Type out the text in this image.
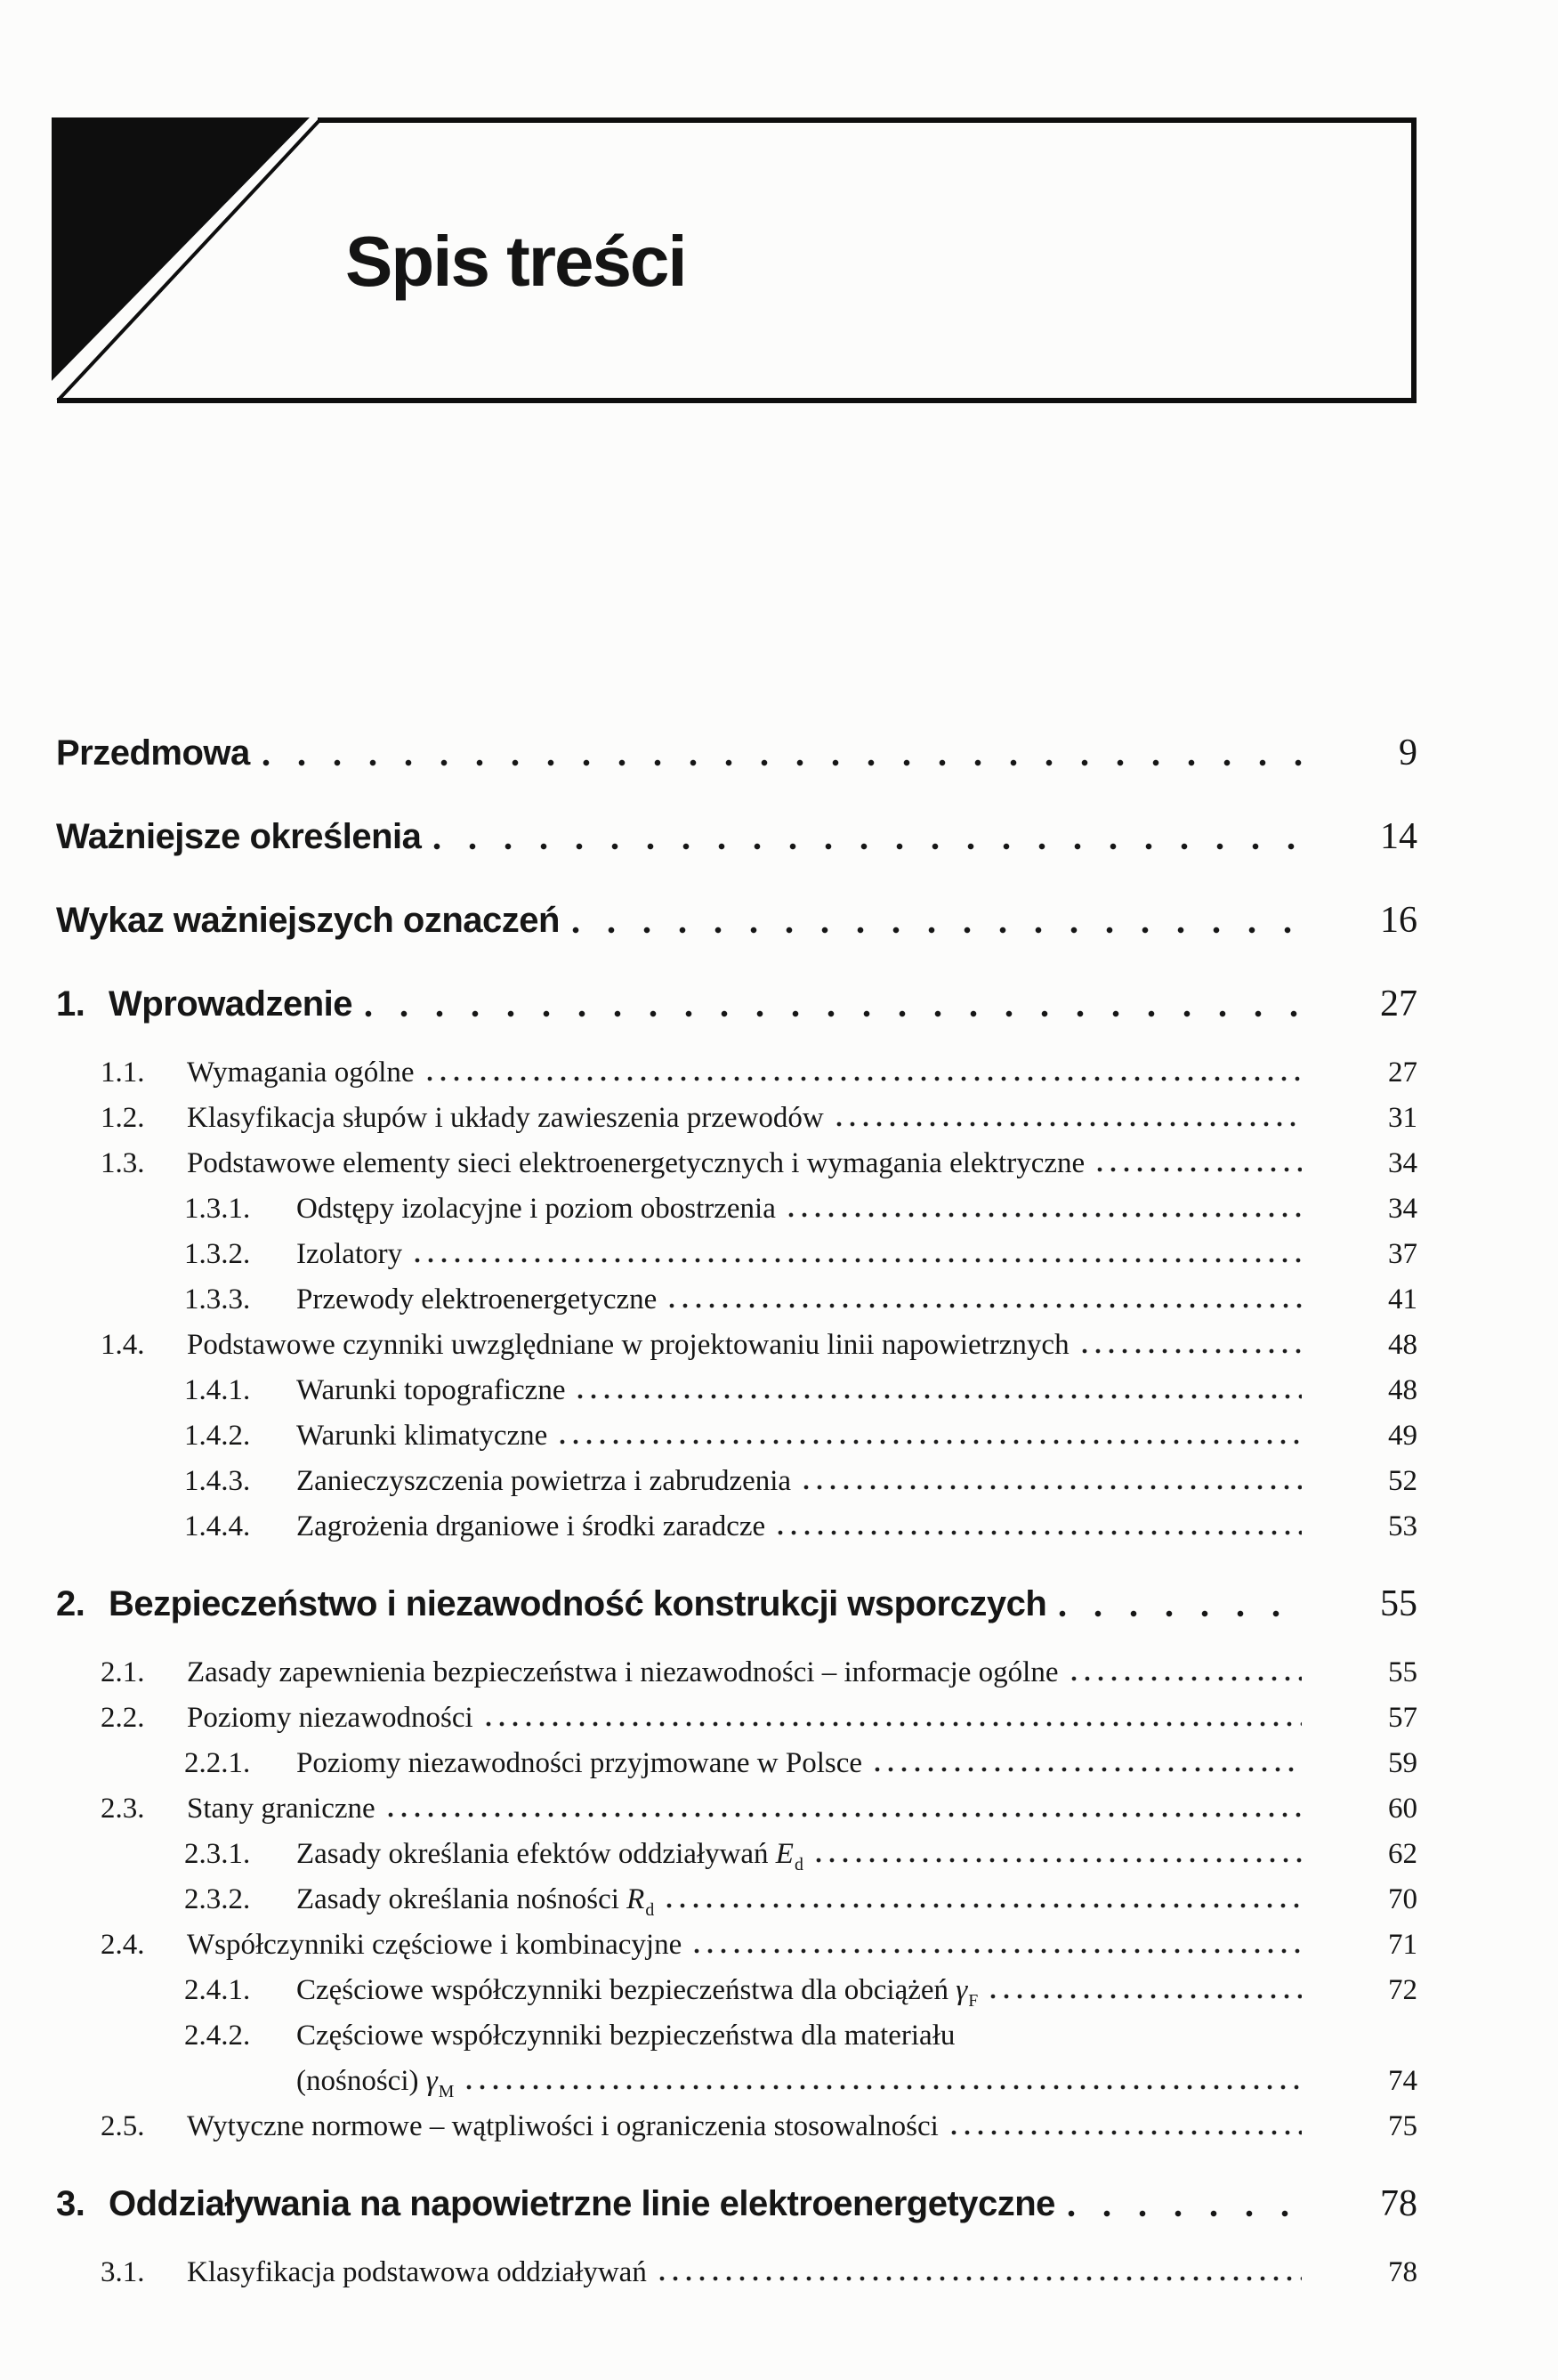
Spis treści
Przedmowa	9
Ważniejsze określenia	14
Wykaz ważniejszych oznaczeń	16
1. Wprowadzenie	27
1.1.	Wymagania ogólne	27
1.2.	Klasyfikacja słupów i układy zawieszenia przewodów	31
1.3.	Podstawowe elementy sieci elektroenergetycznych i wymagania elektryczne	34
1.3.1.	Odstępy izolacyjne i poziom obostrzenia	34
1.3.2.	Izolatory	37
1.3.3.	Przewody elektroenergetyczne	41
1.4.	Podstawowe czynniki uwzględniane w projektowaniu linii napowietrznych	48
1.4.1.	Warunki topograficzne	48
1.4.2.	Warunki klimatyczne	49
1.4.3.	Zanieczyszczenia powietrza i zabrudzenia	52
1.4.4.	Zagrożenia drganiowe i środki zaradcze	53
2. Bezpieczeństwo i niezawodność konstrukcji wsporczych	55
2.1.	Zasady zapewnienia bezpieczeństwa i niezawodności – informacje ogólne	55
2.2.	Poziomy niezawodności	57
2.2.1.	Poziomy niezawodności przyjmowane w Polsce	59
2.3.	Stany graniczne	60
2.3.1.	Zasady określania efektów oddziaływań $E_d$	62
2.3.2.	Zasady określania nośności $R_d$	70
2.4.	Współczynniki częściowe i kombinacyjne	71
2.4.1.	Częściowe współczynniki bezpieczeństwa dla obciążeń $\gamma_F$	72
2.4.2.	Częściowe współczynniki bezpieczeństwa dla materiału
(nośności) $\gamma_M$	74
2.5.	Wytyczne normowe – wątpliwości i ograniczenia stosowalności	75
3. Oddziaływania na napowietrzne linie elektroenergetyczne	78
3.1.	Klasyfikacja podstawowa oddziaływań	78
